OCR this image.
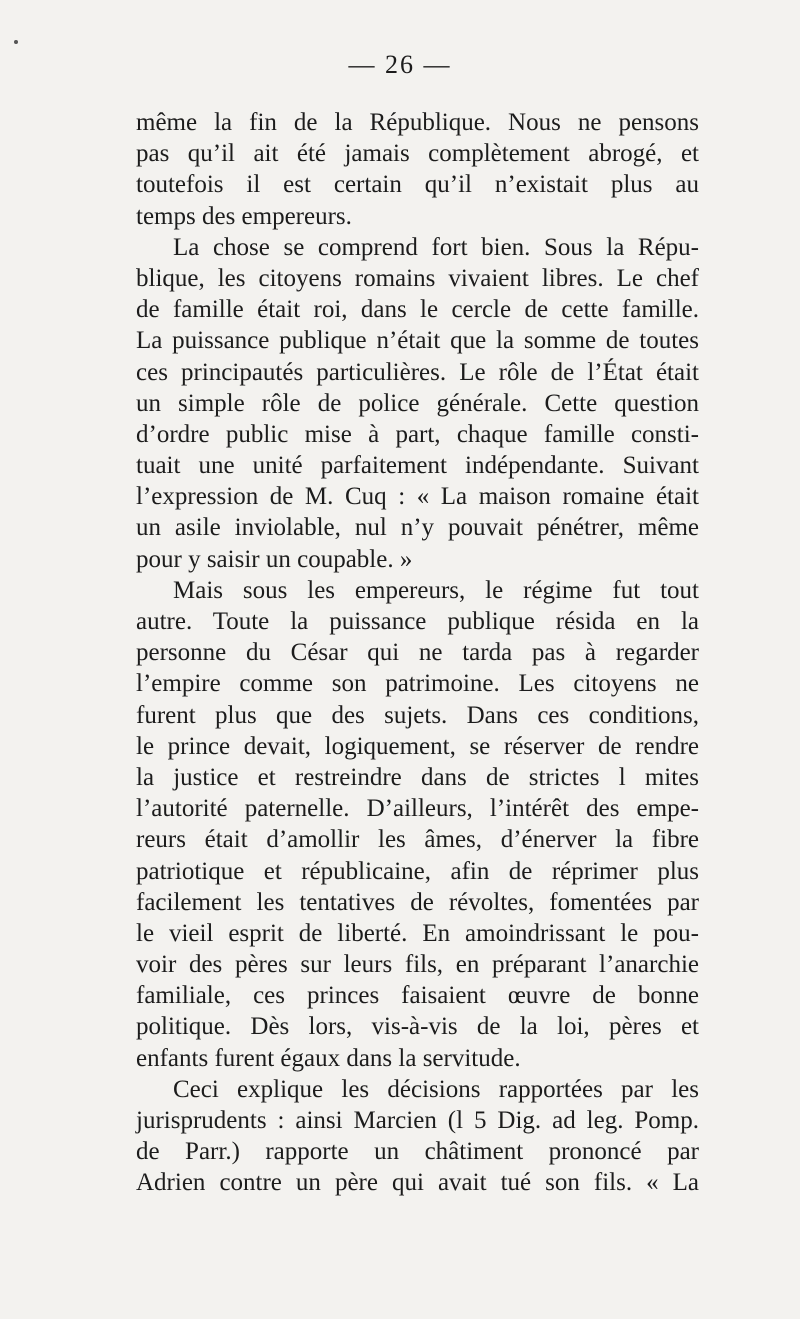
— 26 —
même la fin de la République. Nous ne pensons
pas qu’il ait été jamais complètement abrogé, et
toutefois il est certain qu’il n’existait plus au
temps des empereurs.
La chose se comprend fort bien. Sous la Répu-
blique, les citoyens romains vivaient libres. Le chef
de famille était roi, dans le cercle de cette famille.
La puissance publique n’était que la somme de toutes
ces principautés particulières. Le rôle de l’État était
un simple rôle de police générale. Cette question
d’ordre public mise à part, chaque famille consti-
tuait une unité parfaitement indépendante. Suivant
l’expression de M. Cuq : « La maison romaine était
un asile inviolable, nul n’y pouvait pénétrer, même
pour y saisir un coupable. »
Mais sous les empereurs, le régime fut tout
autre. Toute la puissance publique résida en la
personne du César qui ne tarda pas à regarder
l’empire comme son patrimoine. Les citoyens ne
furent plus que des sujets. Dans ces conditions,
le prince devait, logiquement, se réserver de rendre
la justice et restreindre dans de strictes l mites
l’autorité paternelle. D’ailleurs, l’intérêt des empe-
reurs était d’amollir les âmes, d’énerver la fibre
patriotique et républicaine, afin de réprimer plus
facilement les tentatives de révoltes, fomentées par
le vieil esprit de liberté. En amoindrissant le pou-
voir des pères sur leurs fils, en préparant l’anarchie
familiale, ces princes faisaient œuvre de bonne
politique. Dès lors, vis-à-vis de la loi, pères et
enfants furent égaux dans la servitude.
Ceci explique les décisions rapportées par les
jurisprudents : ainsi Marcien (l 5 Dig. ad leg. Pomp.
de Parr.) rapporte un châtiment prononcé par
Adrien contre un père qui avait tué son fils. « La
